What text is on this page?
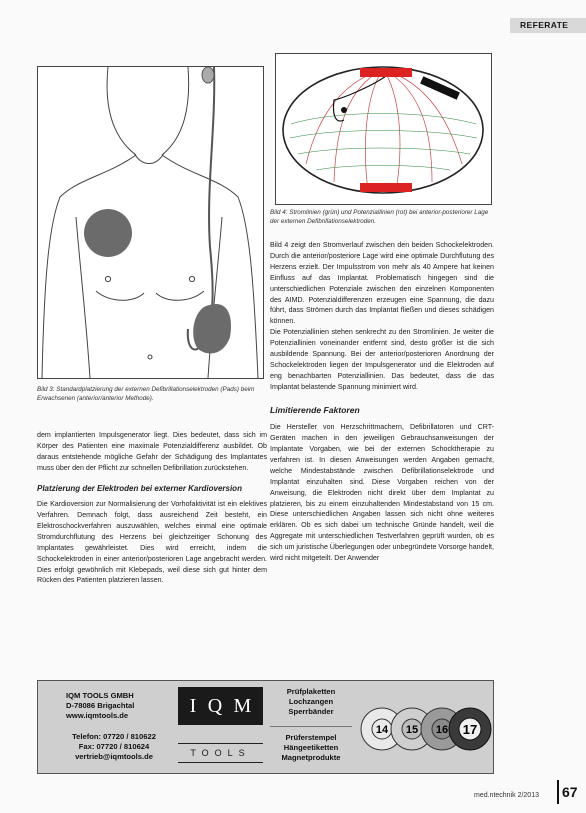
REFERATE
Bild 3: Standardplatzierung der externen Defibrillationselektroden (Pads) beim Erwachsenen (anterior/anterior Methode).
Bild 4: Stromlinien (grün) und Potenziallinien (rot) bei anterior-posteriorer Lage der externen Defibrillationselektroden.

dem implantierten Impulsgenerator liegt. Dies bedeutet, dass sich im Körper des Patienten eine maximale Potenzialdifferenz ausbildet. Ob daraus entstehende mögliche Gefahr der Schädigung des Implantates muss über den der Pflicht zur schnellen Defibrillation zurückstehen.

Platzierung der Elektroden bei externer Kardioversion

Die Kardioversion zur Normalisierung der Vorhofaktivität ist ein elektives Verfahren. Demnach folgt, dass ausreichend Zeit besteht, ein Elektroschockverfahren auszuwählen, welches einmal eine optimale Stromdurchflutung des Herzens bei gleichzeitiger Schonung des Implantates gewährleistet. Dies wird erreicht, indem die Schockelektroden in einer anterior/posterioren Lage angebracht werden. Dies erfolgt gewöhnlich mit Klebepads, weil diese sich gut hinter dem Rücken des Patienten platzieren lassen.

Bild 4 zeigt den Stromverlauf zwischen den beiden Schockelektroden. Durch die anterior/posteriore Lage wird eine optimale Durchflutung des Herzens erzielt. Der Impulsstrom von mehr als 40 Ampere hat keinen Einfluss auf das Implantat. Problematisch hingegen sind die unterschiedlichen Potenziale zwischen den einzelnen Komponenten des AIMD. Potenzialdifferenzen erzeugen eine Spannung, die dazu führt, dass Strömen durch das Implantat fließen und dieses schädigen können.

Die Potenziallinien stehen senkrecht zu den Stromlinien. Je weiter die Potenziallinien voneinander entfernt sind, desto größer ist die sich ausbildende Spannung. Bei der anterior/posterioren Anordnung der Schockelektroden liegen der Impulsgenerator und die Elektroden auf eng benachbarten Potenziallinien. Das bedeutet, dass die das Implantat belastende Spannung minimiert wird.

Limitierende Faktoren

Die Hersteller von Herzschrittmachern, Defibrillatoren und CRT-Geräten machen in den jeweiligen Gebrauchsanweisungen der Implantate Vorgaben, wie bei der externen Schocktherapie zu verfahren ist. In diesen Anweisungen werden Angaben gemacht, welche Mindestabstände zwischen Defibrillationselektrode und Implantat einzuhalten sind. Diese Vorgaben reichen von der Anweisung, die Elektroden nicht direkt über dem Implantat zu platzieren, bis zu einem einzuhaltenden Mindestabstand von 15 cm. Diese unterschiedlichen Angaben lassen sich nicht ohne weiteres erklären. Ob es sich dabei um technische Gründe handelt, weil die Aggregate mit unterschiedlichen Testverfahren geprüft wurden, ob es sich um juristische Überlegungen oder unbegründete Vorsorge handelt, wird nicht mitgeteilt. Der Anwender

IQM TOOLS GMBH
D-78086 Brigachtal
www.iqmtools.de
Telefon: 07720 / 810622
Fax: 07720 / 810624
vertrieb@iqmtools.de
I Q M
TOOLS
Prüfplaketten
Lochzangen
Sperrbänder
Prüferstempel
Hängeetiketten
Magnetprodukte
14 15 16 17
med.ntechnik 2/2013 67
